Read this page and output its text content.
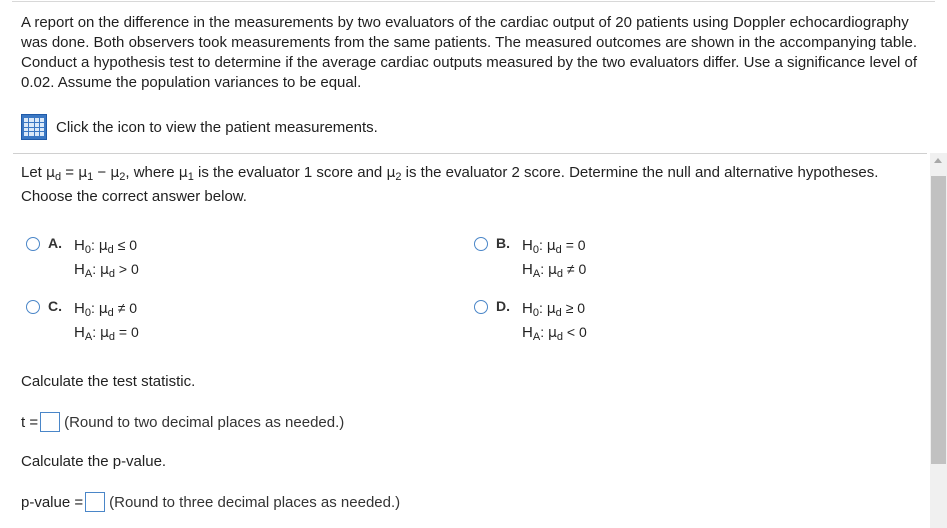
A report on the difference in the measurements by two evaluators of the cardiac output of 20 patients using Doppler echocardiography was done. Both observers took measurements from the same patients. The measured outcomes are shown in the accompanying table. Conduct a hypothesis test to determine if the average cardiac outputs measured by the two evaluators differ. Use a significance level of 0.02. Assume the population variances to be equal.
Click the icon to view the patient measurements.
Let $\mu_d = \mu_1 - \mu_2$, where $\mu_1$ is the evaluator 1 score and $\mu_2$ is the evaluator 2 score. Determine the null and alternative hypotheses. Choose the correct answer below.
A. $H_0$: $\mu_d \le 0$
$H_A$: $\mu_d > 0$
B. $H_0$: $\mu_d = 0$
$H_A$: $\mu_d \ne 0$
C. $H_0$: $\mu_d \ne 0$
$H_A$: $\mu_d = 0$
D. $H_0$: $\mu_d \ge 0$
$H_A$: $\mu_d < 0$
Calculate the test statistic.
t = (Round to two decimal places as needed.)
Calculate the p-value.
p-value = (Round to three decimal places as needed.)
